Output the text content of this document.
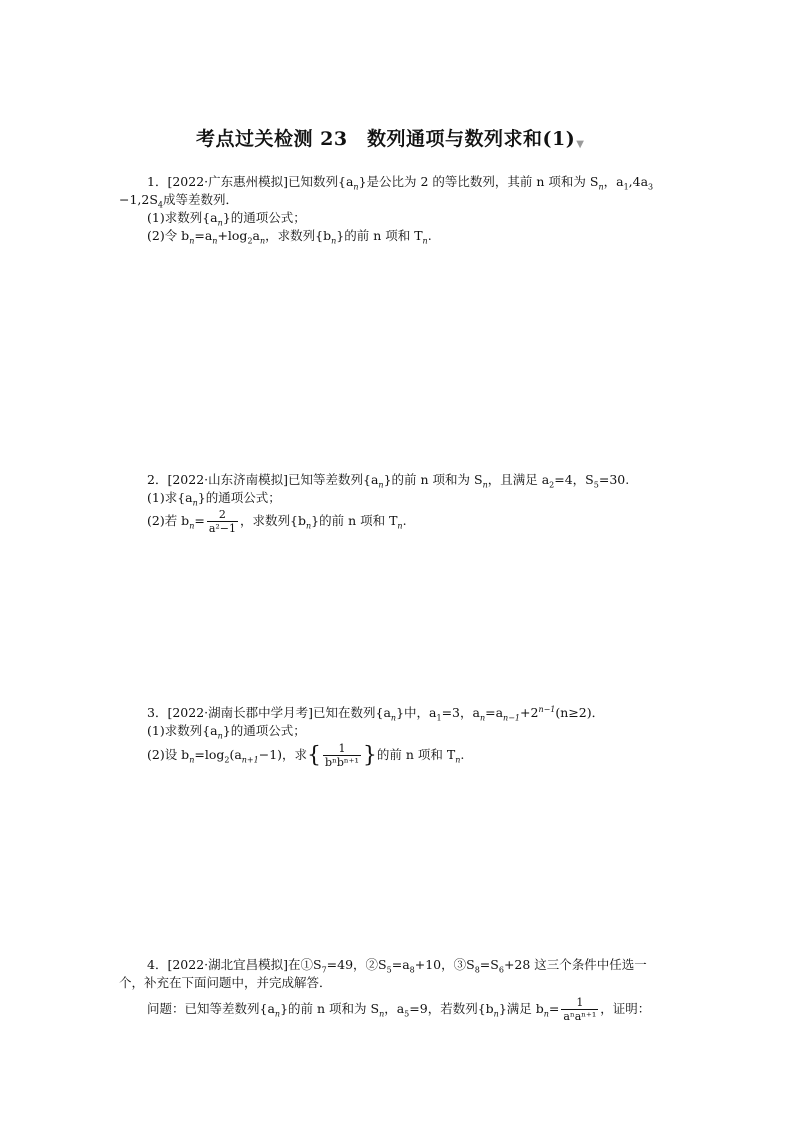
考点过关检测 23　数列通项与数列求和(1)▼
1．[2022·广东惠州模拟]已知数列$\{a_n\}$是公比为 2 的等比数列，其前 n 项和为 $S_n$，$a_1,4a_3$
$-1,2S_4$成等差数列．
(1)求数列$\{a_n\}$的通项公式；
(2)令 $b_n=a_n+\log_2a_n$，求数列$\{b_n\}$的前 n 项和 $T_n$.
2．[2022·山东济南模拟]已知等差数列$\{a_n\}$的前 n 项和为 $S_n$，且满足 $a_2=4$，$S_5=30$.
(1)求$\{a_n\}$的通项公式；
(2)若 $b_n= \frac{2}{\text{a²−1}}$ ，求数列$\{b_n\}$的前 n 项和 $T_n$.
3．[2022·湖南长郡中学月考]已知在数列$\{a_n\}$中，$a_1=3$，$a_n=a_{n-1}+2^{n-1}(n\ge 2)$．
(1)求数列$\{a_n\}$的通项公式；
(2)设 $b_n=\log_2(a_{n+1}-1)$，求{ $\frac{1}{\text{bⁿbⁿ⁺¹}}$ }的前 n 项和 $T_n$.
4．[2022·湖北宜昌模拟]在$①S_7=49$，$②S_5=a_8+10$，$③S_8=S_6+28$ 这三个条件中任选一
个，补充在下面问题中，并完成解答．
问题：已知等差数列$\{a_n\}$的前 n 项和为 $S_n$，$a_5=9$，若数列$\{b_n\}$满足 $b_n= \frac{1}{\text{aⁿaⁿ⁺¹}}$ ，证明：
